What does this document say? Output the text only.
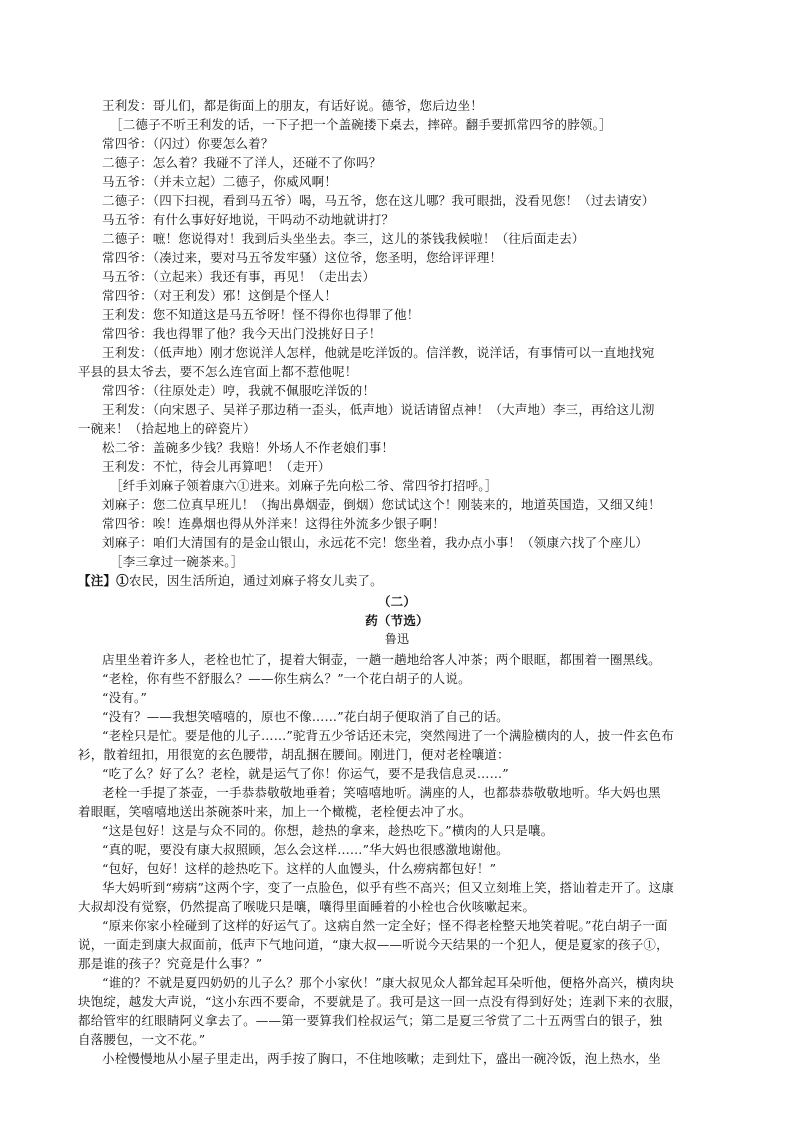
王利发：哥儿们，都是街面上的朋友，有话好说。德爷，您后边坐！
［二德子不听王利发的话，一下子把一个盖碗搂下桌去，摔碎。翻手要抓常四爷的脖领。］
常四爷：（闪过）你要怎么着？
二德子：怎么着？我碰不了洋人，还碰不了你吗？
马五爷：（并未立起）二德子，你威风啊！
二德子：（四下扫视，看到马五爷）喝，马五爷，您在这儿哪？我可眼拙，没看见您！（过去请安）
马五爷：有什么事好好地说，干吗动不动地就讲打？
二德子：嗻！您说得对！我到后头坐坐去。李三，这儿的茶钱我候啦！（往后面走去）
常四爷：（凑过来，要对马五爷发牢骚）这位爷，您圣明，您给评评理！
马五爷：（立起来）我还有事，再见！（走出去）
常四爷：（对王利发）邪！这倒是个怪人！
王利发：您不知道这是马五爷呀！怪不得你也得罪了他！
常四爷：我也得罪了他？我今天出门没挑好日子！
王利发：（低声地）刚才您说洋人怎样，他就是吃洋饭的。信洋教，说洋话，有事情可以一直地找宛
平县的县太爷去，要不怎么连官面上都不惹他呢！
常四爷：（往原处走）哼，我就不佩服吃洋饭的！
王利发：（向宋恩子、吴祥子那边稍一歪头，低声地）说话请留点神！（大声地）李三，再给这儿沏
一碗来！（拾起地上的碎瓷片）
松二爷：盖碗多少钱？我赔！外场人不作老娘们事！
王利发：不忙，待会儿再算吧！（走开）
［纤手刘麻子领着康六①进来。刘麻子先向松二爷、常四爷打招呼。］
刘麻子：您二位真早班儿！（掏出鼻烟壶，倒烟）您试试这个！刚装来的，地道英国造，又细又纯！
常四爷：唉！连鼻烟也得从外洋来！这得往外流多少银子啊！
刘麻子：咱们大清国有的是金山银山，永远花不完！您坐着，我办点小事！（领康六找了个座儿）
［李三拿过一碗茶来。］
【注】①农民，因生活所迫，通过刘麻子将女儿卖了。
（二）
药（节选）
鲁迅
店里坐着许多人，老栓也忙了，提着大铜壶，一趟一趟地给客人冲茶；两个眼眶，都围着一圈黑线。
“老栓，你有些不舒服么？——你生病么？”一个花白胡子的人说。
“没有。”
“没有？——我想笑嘻嘻的，原也不像……”花白胡子便取消了自己的话。
“老栓只是忙。要是他的儿子……”驼背五少爷话还未完，突然闯进了一个满脸横肉的人，披一件玄色布
衫，散着纽扣，用很宽的玄色腰带，胡乱捆在腰间。刚进门，便对老栓嚷道：
“吃了么？好了么？老栓，就是运气了你！你运气，要不是我信息灵……”
老栓一手提了茶壶，一手恭恭敬敬地垂着；笑嘻嘻地听。满座的人，也都恭恭敬敬地听。华大妈也黑
着眼眶，笑嘻嘻地送出茶碗茶叶来，加上一个橄榄，老栓便去冲了水。
“这是包好！这是与众不同的。你想，趁热的拿来，趁热吃下。”横肉的人只是嚷。
“真的呢，要没有康大叔照顾，怎么会这样……”华大妈也很感激地谢他。
“包好，包好！这样的趁热吃下。这样的人血馒头，什么痨病都包好！”
华大妈听到“痨病”这两个字，变了一点脸色，似乎有些不高兴；但又立刻堆上笑，搭讪着走开了。这康
大叔却没有觉察，仍然提高了喉咙只是嚷，嚷得里面睡着的小栓也合伙咳嗽起来。
“原来你家小栓碰到了这样的好运气了。这病自然一定全好；怪不得老栓整天地笑着呢。”花白胡子一面
说，一面走到康大叔面前，低声下气地问道，“康大叔——听说今天结果的一个犯人，便是夏家的孩子①，
那是谁的孩子？究竟是什么事？”
“谁的？不就是夏四奶奶的儿子么？那个小家伙！”康大叔见众人都耸起耳朵听他，便格外高兴，横肉块
块饱绽，越发大声说，“这小东西不要命，不要就是了。我可是这一回一点没有得到好处；连剥下来的衣服，
都给管牢的红眼睛阿义拿去了。——第一要算我们栓叔运气；第二是夏三爷赏了二十五两雪白的银子，独
自落腰包，一文不花。”
小栓慢慢地从小屋子里走出，两手按了胸口，不住地咳嗽；走到灶下，盛出一碗冷饭，泡上热水，坐
